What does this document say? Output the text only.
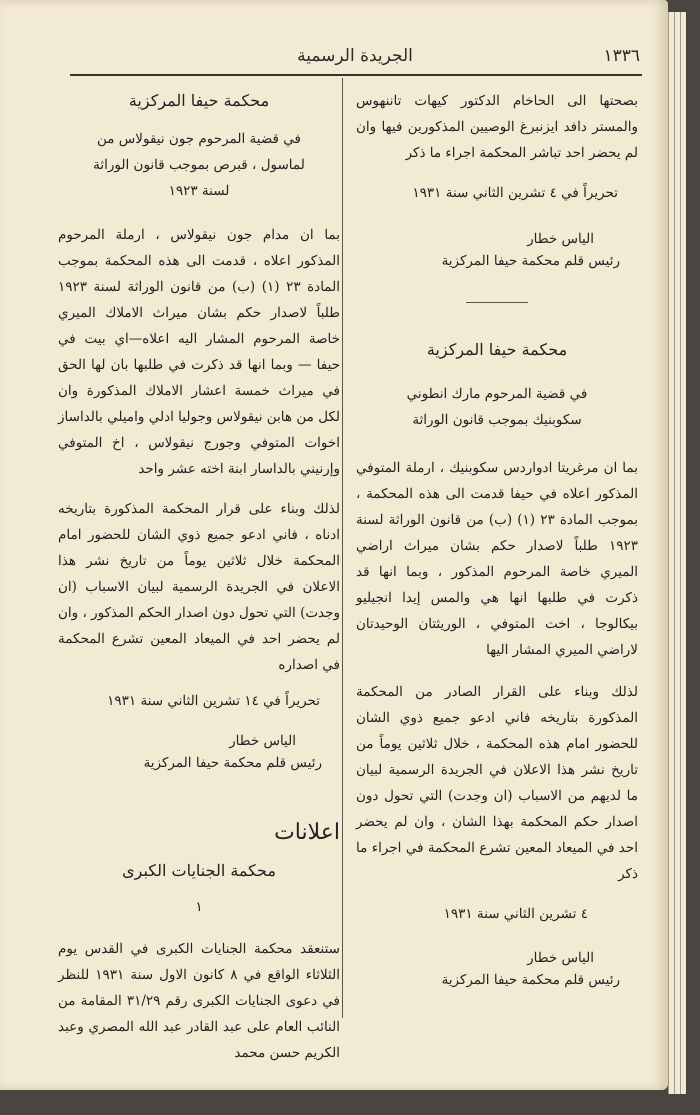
١٣٣٦
الجريدة الرسمية

بصحتها الى الحاخام الدكتور كيهات تاننهوس والمستر دافد ايزنبرغ الوصيين المذكورين فيها وان لم يحضر احد تباشر المحكمة اجراء ما ذكر

تحريراً في ٤ تشرين الثاني سنة ١٩٣١

الياس خطار
رئيس قلم محكمة حيفا المركزية

محكمة حيفا المركزية

في قضية المرحوم مارك انطوني سكوبنيك بموجب قانون الوراثة

بما ان مرغريتا ادواردس سكوبنيك ، ارملة المتوفي المذكور اعلاه في حيفا قدمت الى هذه المحكمة ، بموجب المادة ٢٣ (١) (ب) من قانون الوراثة لسنة ١٩٢٣ طلباً لاصدار حكم بشان ميراث اراضي الميري خاصة المرحوم المذكور ، وبما انها قد ذكرت في طلبها انها هي والمس إيدا انجيليو بيكالوجا ، اخت المتوفي ، الوريثتان الوحيدتان لاراضي الميري المشار اليها

لذلك وبناء على القرار الصادر من المحكمة المذكورة بتاريخه فاني ادعو جميع ذوي الشان للحضور امام هذه المحكمة ، خلال ثلاثين يوماً من تاريخ نشر هذا الاعلان في الجريدة الرسمية لبيان ما لديهم من الاسباب (ان وجدت) التي تحول دون اصدار حكم المحكمة بهذا الشان ، وان لم يحضر احد في الميعاد المعين تشرع المحكمة في اجراء ما ذكر

٤ تشرين الثاني سنة ١٩٣١

الياس خطار
رئيس قلم محكمة حيفا المركزية

محكمة حيفا المركزية

في قضية المرحوم جون نيقولاس من لماسول ، قبرص بموجب قانون الوراثة لسنة ١٩٢٣

بما ان مدام جون نيقولاس ، ارملة المرحوم المذكور اعلاه ، قدمت الى هذه المحكمة بموجب المادة ٢٣ (١) (ب) من قانون الوراثة لسنة ١٩٢٣ طلباً لاصدار حكم بشان ميراث الاملاك الميري خاصة المرحوم المشار اليه اعلاه—اي بيت في حيفا — وبما انها قد ذكرت في طلبها بان لها الحق في ميراث خمسة اعشار الاملاك المذكورة وان لكل من هابن نيقولاس وجوليا ادلي واميلي بالداساز اخوات المتوفي وجورج نيقولاس ، اخ المتوفي وإرنيني بالداسار ابنة اخته عشر واحد

لذلك وبناء على قرار المحكمة المذكورة بتاريخه ادناه ، فاني ادعو جميع ذوي الشان للحضور امام المحكمة خلال ثلاثين يوماً من تاريخ نشر هذا الاعلان في الجريدة الرسمية لبيان الاسباب (ان وجدت) التي تحول دون اصدار الحكم المذكور ، وان لم يحضر احد في الميعاد المعين تشرع المحكمة في اصداره

تحريراً في ١٤ تشرين الثاني سنة ١٩٣١

الياس خطار
رئيس قلم محكمة حيفا المركزية

اعلانات

محكمة الجنايات الكبرى

١

ستنعقد محكمة الجنايات الكبرى في القدس يوم الثلاثاء الواقع في ٨ كانون الاول سنة ١٩٣١ للنظر في دعوى الجنايات الكبرى رقم ٣١/٢٩ المقامة من النائب العام على عبد القادر عبد الله المصري وعبد الكريم حسن محمد
